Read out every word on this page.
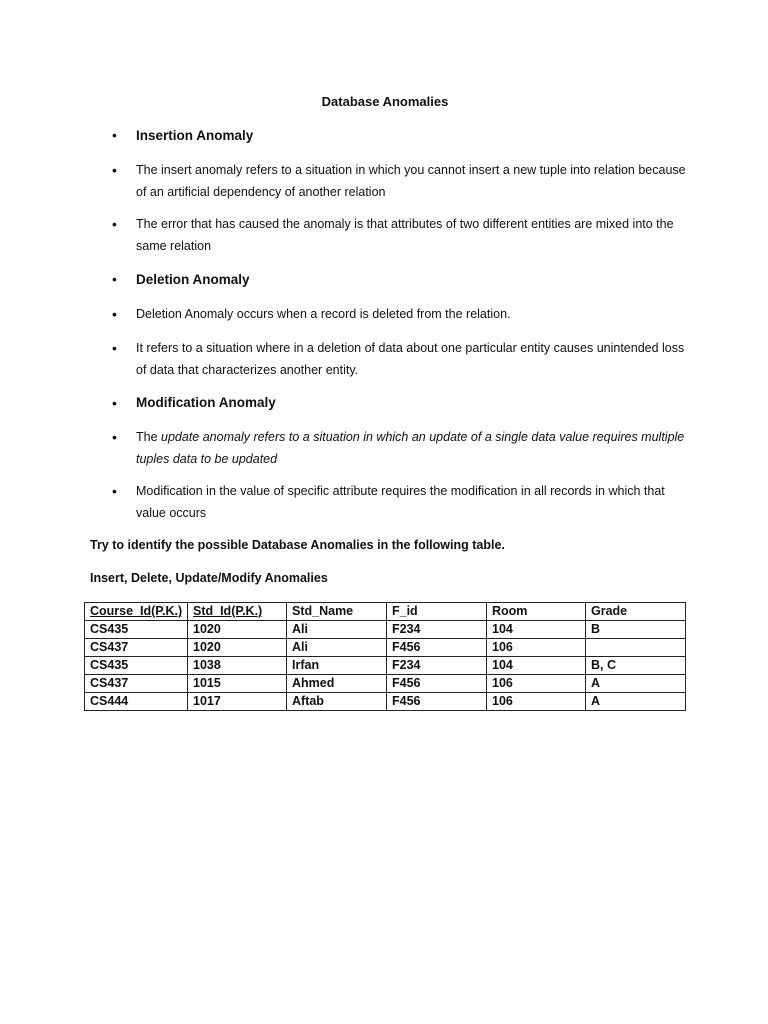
Database Anomalies
• Insertion Anomaly
• The insert anomaly refers to a situation in which you cannot insert a new tuple into relation because of an artificial dependency of another relation
• The error that has caused the anomaly is that attributes of two different entities are mixed into the same relation
• Deletion Anomaly
• Deletion Anomaly occurs when a record is deleted from the relation.
• It refers to a situation where in a deletion of data about one particular entity causes unintended loss of data that characterizes another entity.
• Modification Anomaly
• The update anomaly refers to a situation in which an update of a single data value requires multiple tuples data to be updated
• Modification in the value of specific attribute requires the modification in all records in which that value occurs
Try to identify the possible Database Anomalies in the following table.
Insert, Delete, Update/Modify Anomalies
Course_Id(P.K.)	Std_Id(P.K.)	Std_Name	F_id	Room	Grade
CS435	1020	Ali	F234	104	B
CS437	1020	Ali	F456	106	
CS435	1038	Irfan	F234	104	B, C
CS437	1015	Ahmed	F456	106	A
CS444	1017	Aftab	F456	106	A
